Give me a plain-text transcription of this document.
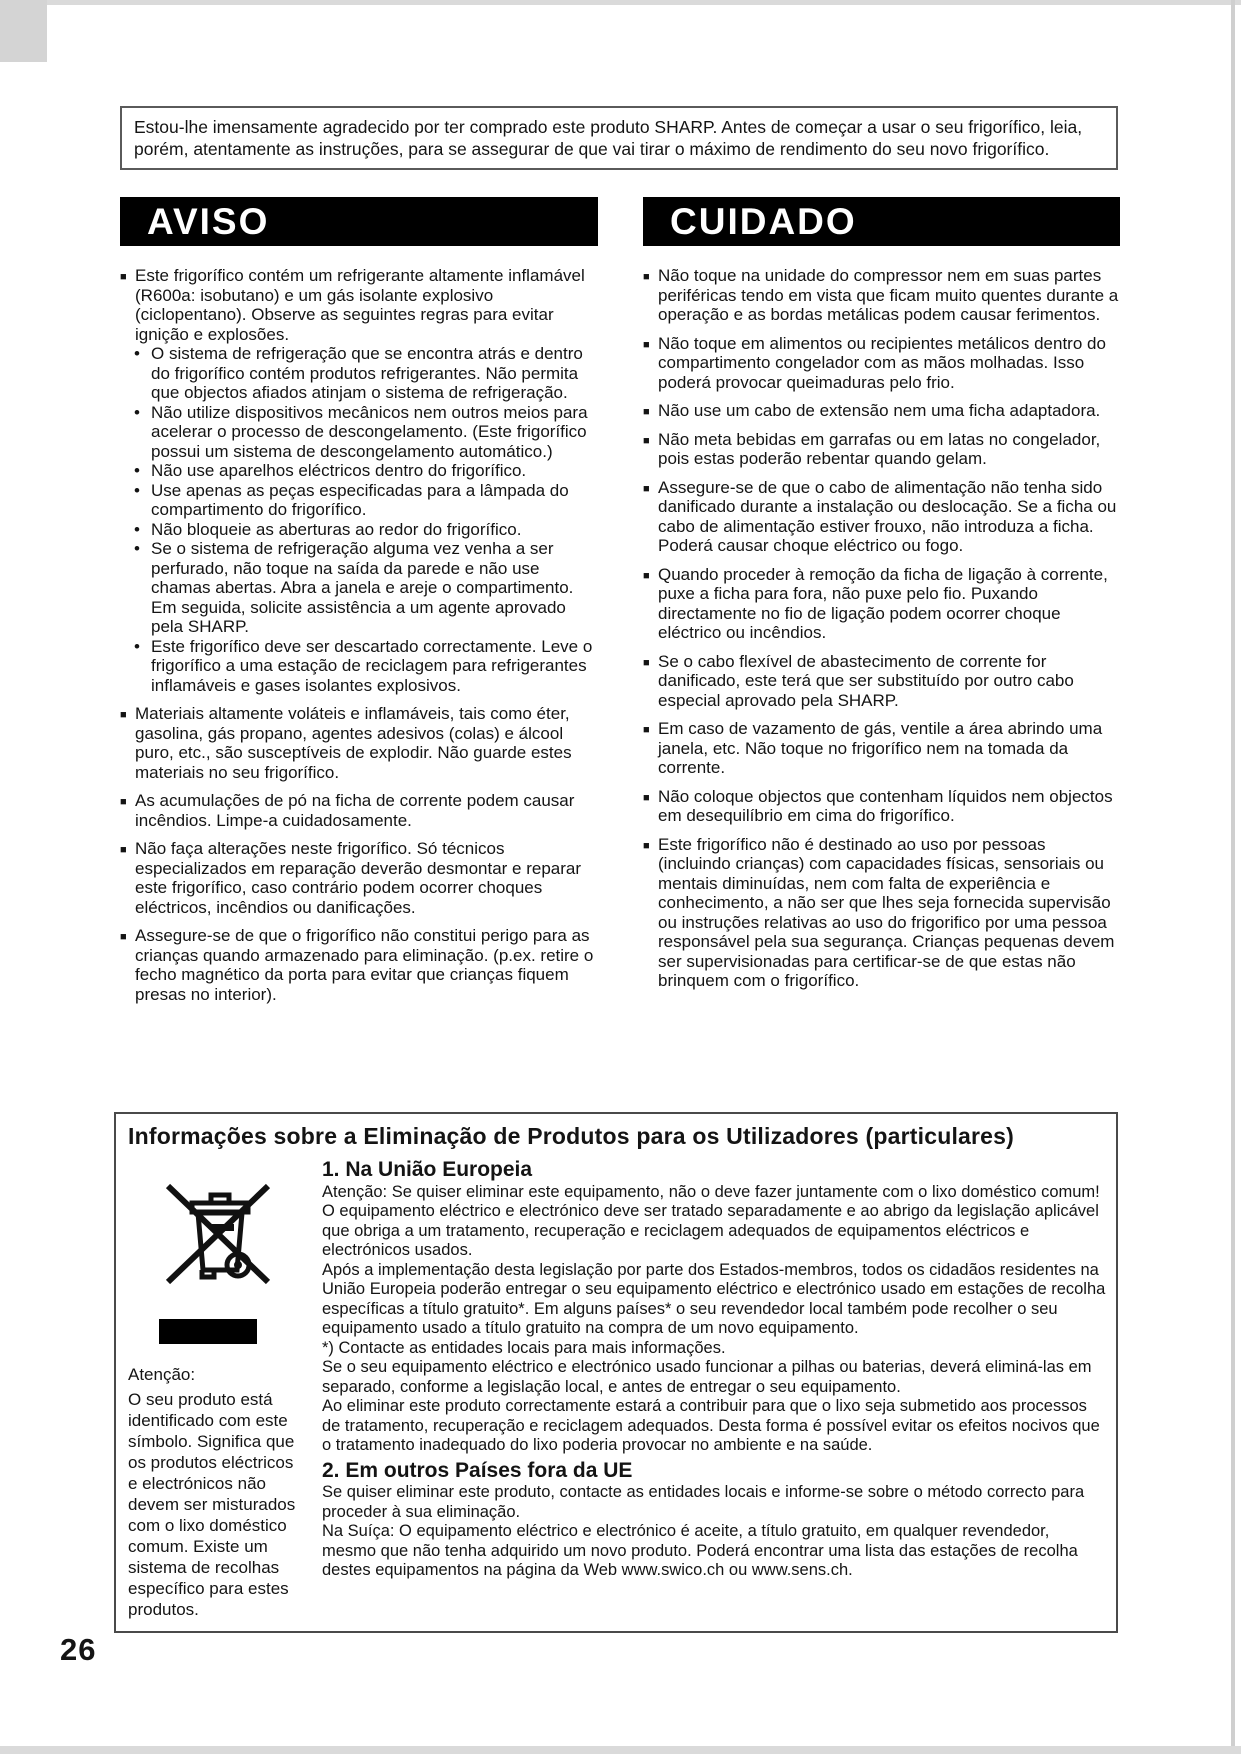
Estou-lhe imensamente agradecido por ter comprado este produto SHARP. Antes de começar a usar o seu frigorífico, leia, porém, atentamente as instruções, para se assegurar de que vai tirar o máximo de rendimento do seu novo frigorífico.
AVISO
■ Este frigorífico contém um refrigerante altamente inflamável (R600a: isobutano) e um gás isolante explosivo (ciclopentano). Observe as seguintes regras para evitar ignição e explosões.
• O sistema de refrigeração que se encontra atrás e dentro do frigorífico contém produtos refrigerantes. Não permita que objectos afiados atinjam o sistema de refrigeração.
• Não utilize dispositivos mecânicos nem outros meios para acelerar o processo de descongelamento. (Este frigorífico possui um sistema de descongelamento automático.)
• Não use aparelhos eléctricos dentro do frigorífico.
• Use apenas as peças especificadas para a lâmpada do compartimento do frigorífico.
• Não bloqueie as aberturas ao redor do frigorífico.
• Se o sistema de refrigeração alguma vez venha a ser perfurado, não toque na saída da parede e não use chamas abertas. Abra a janela e areje o compartimento. Em seguida, solicite assistência a um agente aprovado pela SHARP.
• Este frigorífico deve ser descartado correctamente. Leve o frigorífico a uma estação de reciclagem para refrigerantes inflamáveis e gases isolantes explosivos.
■ Materiais altamente voláteis e inflamáveis, tais como éter, gasolina, gás propano, agentes adesivos (colas) e álcool puro, etc., são susceptíveis de explodir. Não guarde estes materiais no seu frigorífico.
■ As acumulações de pó na ficha de corrente podem causar incêndios. Limpe-a cuidadosamente.
■ Não faça alterações neste frigorífico. Só técnicos especializados em reparação deverão desmontar e reparar este frigorífico, caso contrário podem ocorrer choques eléctricos, incêndios ou danificações.
■ Assegure-se de que o frigorífico não constitui perigo para as crianças quando armazenado para eliminação. (p.ex. retire o fecho magnético da porta para evitar que crianças fiquem presas no interior).
CUIDADO
■ Não toque na unidade do compressor nem em suas partes periféricas tendo em vista que ficam muito quentes durante a operação e as bordas metálicas podem causar ferimentos.
■ Não toque em alimentos ou recipientes metálicos dentro do compartimento congelador com as mãos molhadas. Isso poderá provocar queimaduras pelo frio.
■ Não use um cabo de extensão nem uma ficha adaptadora.
■ Não meta bebidas em garrafas ou em latas no congelador, pois estas poderão rebentar quando gelam.
■ Assegure-se de que o cabo de alimentação não tenha sido danificado durante a instalação ou deslocação. Se a ficha ou cabo de alimentação estiver frouxo, não introduza a ficha. Poderá causar choque eléctrico ou fogo.
■ Quando proceder à remoção da ficha de ligação à corrente, puxe a ficha para fora, não puxe pelo fio. Puxando directamente no fio de ligação podem ocorrer choque eléctrico ou incêndios.
■ Se o cabo flexível de abastecimento de corrente for danificado, este terá que ser substituído por outro cabo especial aprovado pela SHARP.
■ Em caso de vazamento de gás, ventile a área abrindo uma janela, etc. Não toque no frigorífico nem na tomada da corrente.
■ Não coloque objectos que contenham líquidos nem objectos em desequilíbrio em cima do frigorífico.
■ Este frigorífico não é destinado ao uso por pessoas (incluindo crianças) com capacidades físicas, sensoriais ou mentais diminuídas, nem com falta de experiência e conhecimento, a não ser que lhes seja fornecida supervisão ou instruções relativas ao uso do frigorifico por uma pessoa responsável pela sua segurança. Crianças pequenas devem ser supervisionadas para certificar-se de que estas não brinquem com o frigorífico.
Informações sobre a Eliminação de Produtos para os Utilizadores (particulares)
Atenção:
O seu produto está identificado com este símbolo. Significa que os produtos eléctricos e electrónicos não devem ser misturados com o lixo doméstico comum. Existe um sistema de recolhas específico para estes produtos.
1. Na União Europeia

Atenção: Se quiser eliminar este equipamento, não o deve fazer juntamente com o lixo doméstico comum!

O equipamento eléctrico e electrónico deve ser tratado separadamente e ao abrigo da legislação aplicável que obriga a um tratamento, recuperação e reciclagem adequados de equipamentos eléctricos e electrónicos usados.

Após a implementação desta legislação por parte dos Estados-membros, todos os cidadãos residentes na União Europeia poderão entregar o seu equipamento eléctrico e electrónico usado em estações de recolha específicas a título gratuito*. Em alguns países* o seu revendedor local também pode recolher o seu equipamento usado a título gratuito na compra de um novo equipamento.

*) Contacte as entidades locais para mais informações.

Se o seu equipamento eléctrico e electrónico usado funcionar a pilhas ou baterias, deverá eliminá-las em separado, conforme a legislação local, e antes de entregar o seu equipamento.

Ao eliminar este produto correctamente estará a contribuir para que o lixo seja submetido aos processos de tratamento, recuperação e reciclagem adequados. Desta forma é possível evitar os efeitos nocivos que o tratamento inadequado do lixo poderia provocar no ambiente e na saúde.

2. Em outros Países fora da UE

Se quiser eliminar este produto, contacte as entidades locais e informe-se sobre o método correcto para proceder à sua eliminação.

Na Suíça: O equipamento eléctrico e electrónico é aceite, a título gratuito, em qualquer revendedor, mesmo que não tenha adquirido um novo produto. Poderá encontrar uma lista das estações de recolha destes equipamentos na página da Web www.swico.ch ou www.sens.ch.

26
